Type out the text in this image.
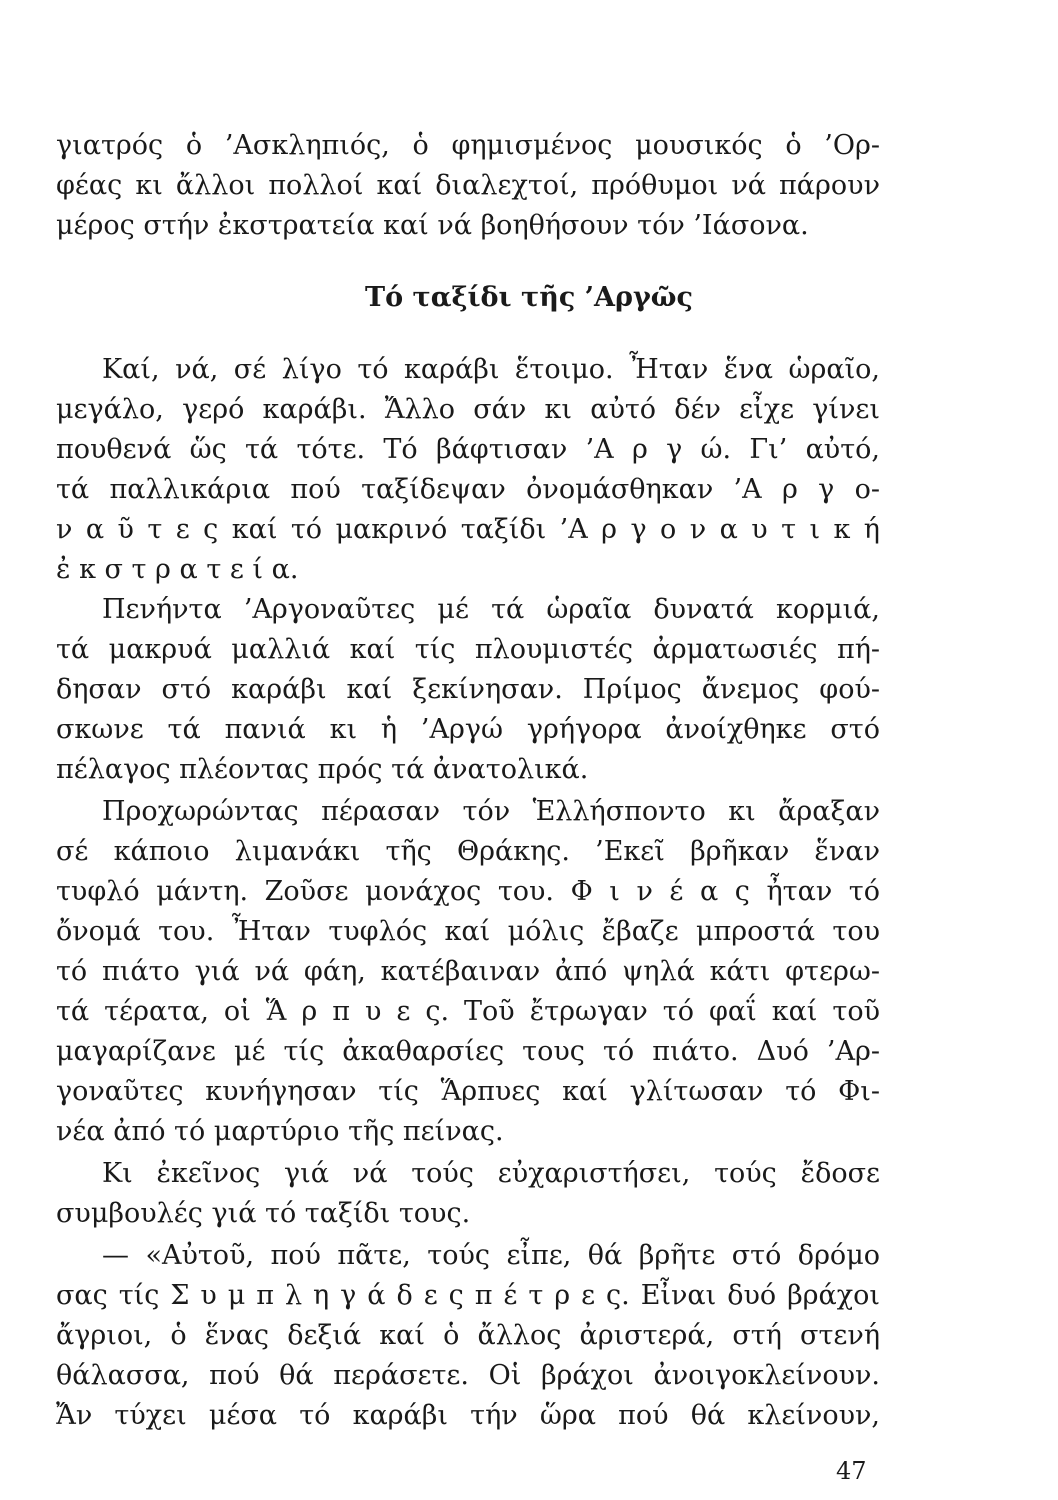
γιατρός ὁ ’Ασκληπιός, ὁ φημισμένος μουσικός ὁ ’Ορ-
φέας κι ἄλλοι πολλοί καί διαλεχτοί, πρόθυμοι νά πάρουν
μέρος στήν ἐκστρατεία καί νά βοηθήσουν τόν ’Ιάσονα.
Τό ταξίδι τῆς ’Αργῶς
Καί, νά, σέ λίγο τό καράβι ἕτοιμο. Ἦταν ἕνα ὡραῖο,
μεγάλο, γερό καράβι. Ἄλλο σάν κι αὐτό δέν εἶχε γίνει
πουθενά ὥς τά τότε. Τό βάφτισαν ’Α ρ γ ώ. Γι’ αὐτό,
τά παλλικάρια πού ταξίδεψαν ὀνομάσθηκαν ’Α ρ γ ο-
ν α ῦ τ ε ς καί τό μακρινό ταξίδι ’Α ρ γ ο ν α υ τ ι κ ή
ἐ κ σ τ ρ α τ ε ί α.
Πενήντα ’Αργοναῦτες μέ τά ὡραῖα δυνατά κορμιά,
τά μακρυά μαλλιά καί τίς πλουμιστές ἀρματωσιές πή-
δησαν στό καράβι καί ξεκίνησαν. Πρίμος ἄνεμος φού-
σκωνε τά πανιά κι ἡ ’Αργώ γρήγορα ἀνοίχθηκε στό
πέλαγος πλέοντας πρός τά ἀνατολικά.
Προχωρώντας πέρασαν τόν Ἑλλήσποντο κι ἄραξαν
σέ κάποιο λιμανάκι τῆς Θράκης. ’Εκεῖ βρῆκαν ἕναν
τυφλό μάντη. Ζοῦσε μονάχος του. Φ ι ν έ α ς ἦταν τό
ὄνομά του. Ἦταν τυφλός καί μόλις ἔβαζε μπροστά του
τό πιάτο γιά νά φάη, κατέβαιναν ἀπό ψηλά κάτι φτερω-
τά τέρατα, οἱ Ἅ ρ π υ ε ς. Τοῦ ἔτρωγαν τό φαΐ καί τοῦ
μαγαρίζανε μέ τίς ἀκαθαρσίες τους τό πιάτο. Δυό ’Αρ-
γοναῦτες κυνήγησαν τίς Ἅρπυες καί γλίτωσαν τό Φι-
νέα ἀπό τό μαρτύριο τῆς πείνας.
Κι ἐκεῖνος γιά νά τούς εὐχαριστήσει, τούς ἔδοσε
συμβουλές γιά τό ταξίδι τους.
— «Αὐτοῦ, πού πᾶτε, τούς εἶπε, θά βρῆτε στό δρόμο
σας τίς Σ υ μ π λ η γ ά δ ε ς π έ τ ρ ε ς. Εἶναι δυό βράχοι
ἄγριοι, ὁ ἕνας δεξιά καί ὁ ἄλλος ἀριστερά, στή στενή
θάλασσα, πού θά περάσετε. Οἱ βράχοι ἀνοιγοκλείνουν.
Ἄν τύχει μέσα τό καράβι τήν ὥρα πού θά κλείνουν,
47
